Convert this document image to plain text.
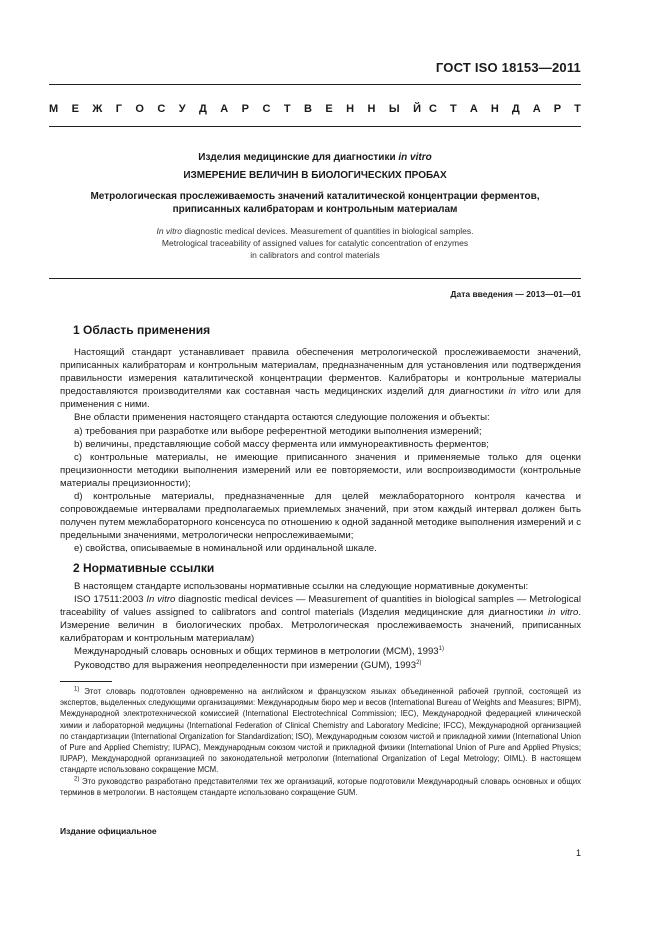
ГОСТ ISO 18153—2011
М Е Ж Г О С У Д А Р С Т В Е Н Н Ы Й С Т А Н Д А Р Т
Изделия медицинские для диагностики in vitro
ИЗМЕРЕНИЕ ВЕЛИЧИН В БИОЛОГИЧЕСКИХ ПРОБАХ
Метрологическая прослеживаемость значений каталитической концентрации ферментов,
приписанных калибраторам и контрольным материалам
In vitro diagnostic medical devices. Measurement of quantities in biological samples.
Metrological traceability of assigned values for catalytic concentration of enzymes
in calibrators and control materials
Дата введения — 2013—01—01
1 Область применения

Настоящий стандарт устанавливает правила обеспечения метрологической прослеживаемости значений, приписанных калибраторам и контрольным материалам, предназначенным для установления или подтверждения правильности измерения каталитической концентрации ферментов. Калибраторы и контрольные материалы предоставляются производителями как составная часть медицинских изделий для диагностики in vitro или для применения с ними.

Вне области применения настоящего стандарта остаются следующие положения и объекты:

а) требования при разработке или выборе референтной методики выполнения измерений;

b) величины, представляющие собой массу фермента или иммунореактивность ферментов;

c) контрольные материалы, не имеющие приписанного значения и применяемые только для оценки прецизионности методики выполнения измерений или ее повторяемости, или воспроизводимости (контрольные материалы прецизионности);

d) контрольные материалы, предназначенные для целей межлабораторного контроля качества и сопровождаемые интервалами предполагаемых приемлемых значений, при этом каждый интервал должен быть получен путем межлабораторного консенсуса по отношению к одной заданной методике выполнения измерений и с предельными значениями, метрологически непрослеживаемыми;

e) свойства, описываемые в номинальной или ординальной шкале.

2 Нормативные ссылки

В настоящем стандарте использованы нормативные ссылки на следующие нормативные документы:

ISO 17511:2003 In vitro diagnostic medical devices — Measurement of quantities in biological samples — Metrological traceability of values assigned to calibrators and control materials (Изделия медицинские для диагностики in vitro. Измерение величин в биологических пробах. Метрологическая прослеживаемость значений, приписанных калибраторам и контрольным материалам)

Международный словарь основных и общих терминов в метрологии (МСМ), 1993$^{1)}$

Руководство для выражения неопределенности при измерении (GUM), 1993$^{2)}$

$^{1)}$ Этот словарь подготовлен одновременно на английском и французском языках объединенной рабочей группой, состоящей из экспертов, выделенных следующими организациями: Международным бюро мер и весов (International Bureau of Weights and Measures; BIPM), Международной электротехнической комиссией (International Electrotechnical Commission; IEC), Международной федерацией клинической химии и лабораторной медицины (International Federation of Clinical Chemistry and Laboratory Medicine; IFCC), Международной организацией по стандартизации (International Organization for Standardization; ISO), Международным союзом чистой и прикладной химии (International Union of Pure and Applied Chemistry; IUPAC), Международным союзом чистой и прикладной физики (International Union of Pure and Applied Physics; IUPAP), Международной организацией по законодательной метрологии (International Organization of Legal Metrology; OIML). В настоящем стандарте использовано сокращение МСМ.

$^{2)}$ Это руководство разработано представителями тех же организаций, которые подготовили Международный словарь основных и общих терминов в метрологии. В настоящем стандарте использовано сокращение GUM.

Издание официальное
1
